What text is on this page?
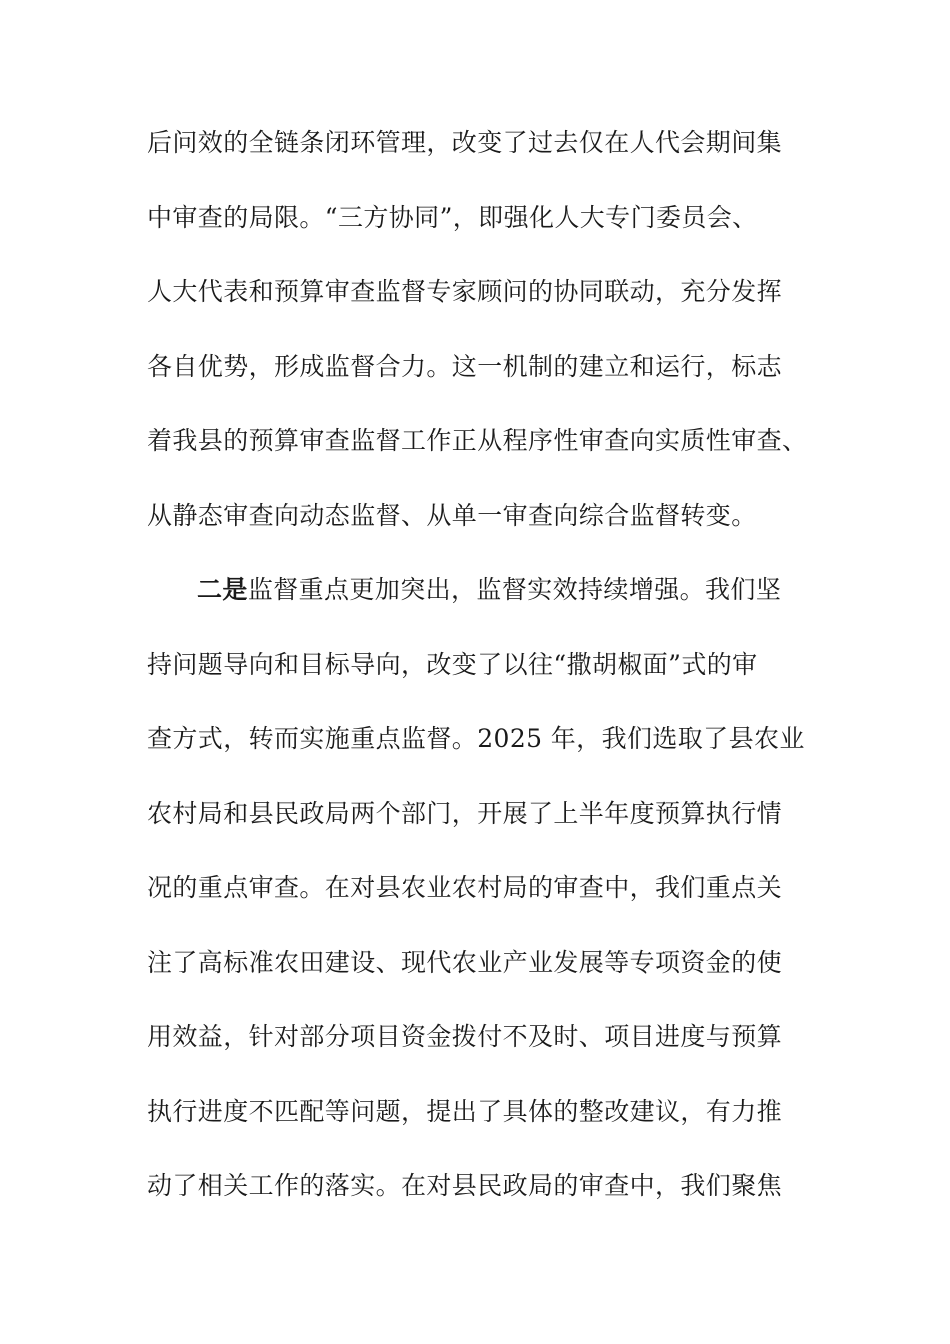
后问效的全链条闭环管理，改变了过去仅在人代会期间集
中审查的局限。“三方协同”，即强化人大专门委员会、
人大代表和预算审查监督专家顾问的协同联动，充分发挥
各自优势，形成监督合力。这一机制的建立和运行，标志
着我县的预算审查监督工作正从程序性审查向实质性审查、
从静态审查向动态监督、从单一审查向综合监督转变。
二是监督重点更加突出，监督实效持续增强。我们坚
持问题导向和目标导向，改变了以往“撒胡椒面”式的审
查方式，转而实施重点监督。2025 年，我们选取了县农业
农村局和县民政局两个部门，开展了上半年度预算执行情
况的重点审查。在对县农业农村局的审查中，我们重点关
注了高标准农田建设、现代农业产业发展等专项资金的使
用效益，针对部分项目资金拨付不及时、项目进度与预算
执行进度不匹配等问题，提出了具体的整改建议，有力推
动了相关工作的落实。在对县民政局的审查中，我们聚焦
